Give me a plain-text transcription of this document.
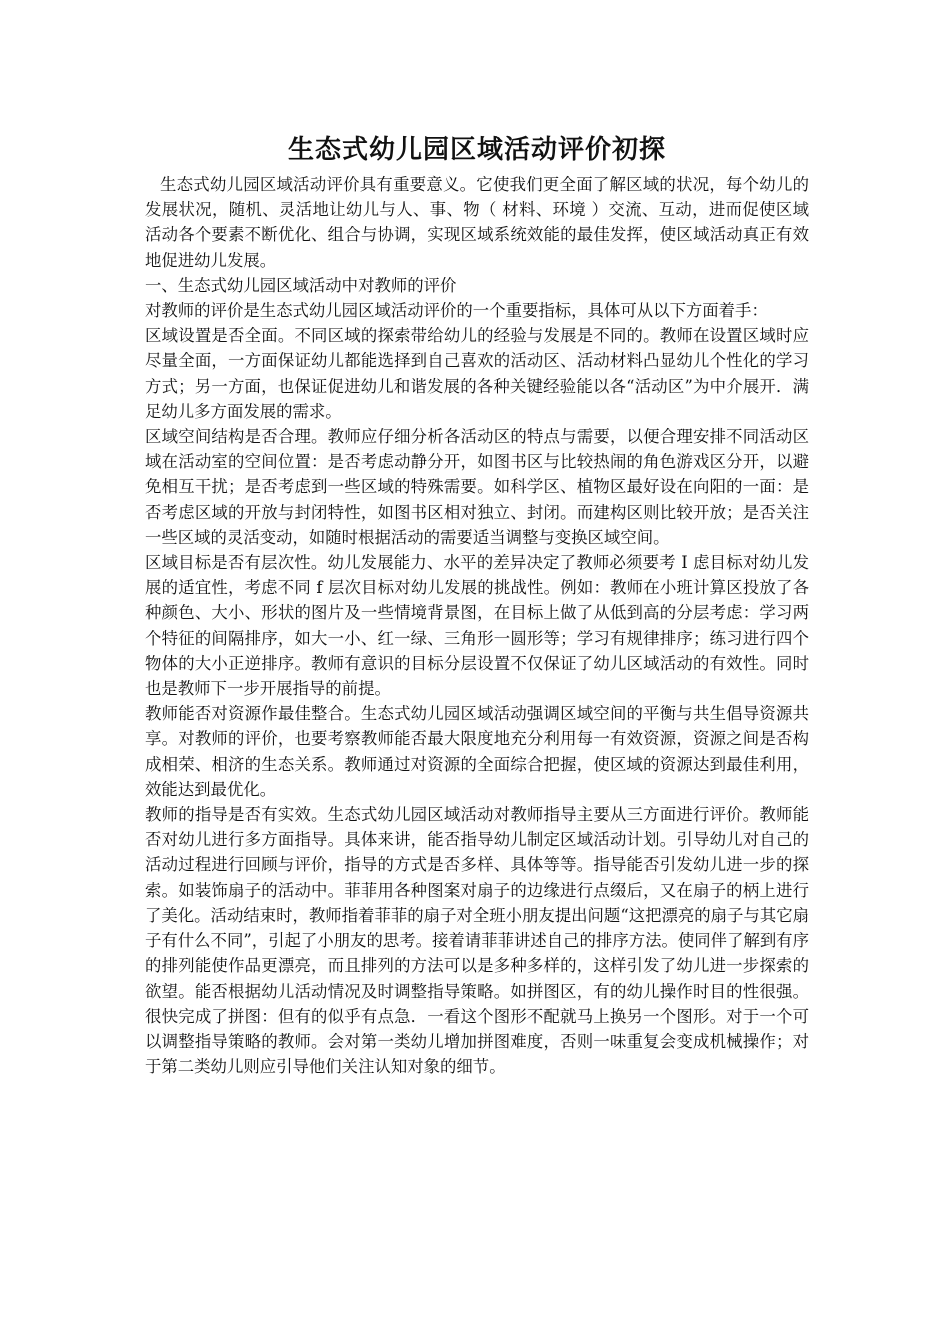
生态式幼儿园区域活动评价初探

生态式幼儿园区域活动评价具有重要意义。它使我们更全面了解区域的状况，每个幼儿的发展状况，随机、灵活地让幼儿与人、事、物（ 材料、环境 ）交流、互动，进而促使区域活动各个要素不断优化、组合与协调，实现区域系统效能的最佳发挥，使区域活动真正有效地促进幼儿发展。

一、生态式幼儿园区域活动中对教师的评价

对教师的评价是生态式幼儿园区域活动评价的一个重要指标，具体可从以下方面着手：

区域设置是否全面。不同区域的探索带给幼儿的经验与发展是不同的。教师在设置区域时应尽量全面，一方面保证幼儿都能选择到自己喜欢的活动区、活动材料凸显幼儿个性化的学习方式；另一方面，也保证促进幼儿和谐发展的各种关键经验能以各“活动区”为中介展开．满足幼儿多方面发展的需求。

区域空间结构是否合理。教师应仔细分析各活动区的特点与需要，以便合理安排不同活动区域在活动室的空间位置：是否考虑动静分开，如图书区与比较热闹的角色游戏区分开，以避免相互干扰；是否考虑到一些区域的特殊需要。如科学区、植物区最好设在向阳的一面：是否考虑区域的开放与封闭特性，如图书区相对独立、封闭。而建构区则比较开放；是否关注一些区域的灵活变动，如随时根据活动的需要适当调整与变换区域空间。

区域目标是否有层次性。幼儿发展能力、水平的差异决定了教师必须要考 I 虑目标对幼儿发展的适宜性，考虑不同 f 层次目标对幼儿发展的挑战性。例如：教师在小班计算区投放了各种颜色、大小、形状的图片及一些情境背景图，在目标上做了从低到高的分层考虑：学习两个特征的间隔排序，如大一小、红一绿、三角形一圆形等；学习有规律排序；练习进行四个物体的大小正逆排序。教师有意识的目标分层设置不仅保证了幼儿区域活动的有效性。同时也是教师下一步开展指导的前提。

教师能否对资源作最佳整合。生态式幼儿园区域活动强调区域空间的平衡与共生倡导资源共享。对教师的评价，也要考察教师能否最大限度地充分利用每一有效资源，资源之间是否构成相荣、相济的生态关系。教师通过对资源的全面综合把握，使区域的资源达到最佳利用，效能达到最优化。

教师的指导是否有实效。生态式幼儿园区域活动对教师指导主要从三方面进行评价。教师能否对幼儿进行多方面指导。具体来讲，能否指导幼儿制定区域活动计划。引导幼儿对自己的活动过程进行回顾与评价，指导的方式是否多样、具体等等。指导能否引发幼儿进一步的探索。如装饰扇子的活动中。菲菲用各种图案对扇子的边缘进行点缀后，又在扇子的柄上进行了美化。活动结束时，教师指着菲菲的扇子对全班小朋友提出问题“这把漂亮的扇子与其它扇子有什么不同”，引起了小朋友的思考。接着请菲菲讲述自己的排序方法。使同伴了解到有序的排列能使作品更漂亮，而且排列的方法可以是多种多样的，这样引发了幼儿进一步探索的欲望。能否根据幼儿活动情况及时调整指导策略。如拼图区，有的幼儿操作时目的性很强。很快完成了拼图：但有的似乎有点急．一看这个图形不配就马上换另一个图形。对于一个可以调整指导策略的教师。会对第一类幼儿增加拼图难度，否则一味重复会变成机械操作；对于第二类幼儿则应引导他们关注认知对象的细节。
